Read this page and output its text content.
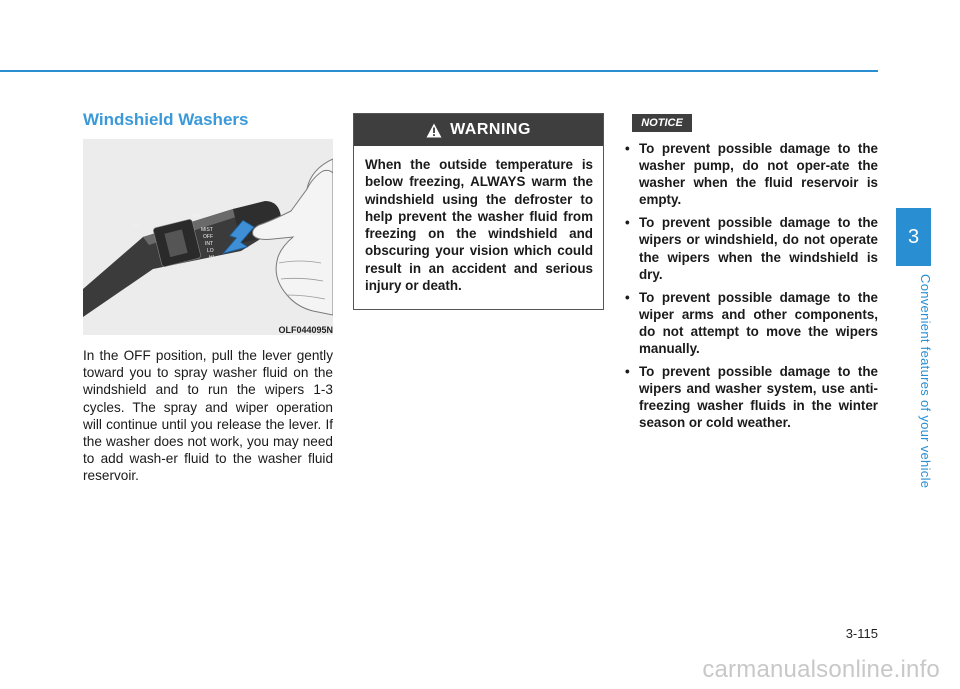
Windshield Washers
INT
INT
MIST
OFF
INT
LO
HI
OLF044095N
In the OFF position, pull the lever gently toward you to spray washer fluid on the windshield and to run the wipers 1-3 cycles. The spray and wiper operation will continue until you release the lever. If the washer does not work, you may need to add wash-er fluid to the washer fluid reservoir.
WARNING
When the outside temperature is below freezing, ALWAYS warm the windshield using the defroster to help prevent the washer fluid from freezing on the windshield and obscuring your vision which could result in an accident and serious injury or death.
NOTICE
• To prevent possible damage to the washer pump, do not oper-ate the washer when the fluid reservoir is empty.
• To prevent possible damage to the wipers or windshield, do not operate the wipers when the windshield is dry.
• To prevent possible damage to the wiper arms and other components, do not attempt to move the wipers manually.
• To prevent possible damage to the wipers and washer system, use anti-freezing washer fluids in the winter season or cold weather.
3
Convenient features of your vehicle
3-115
carmanualsonline.info
